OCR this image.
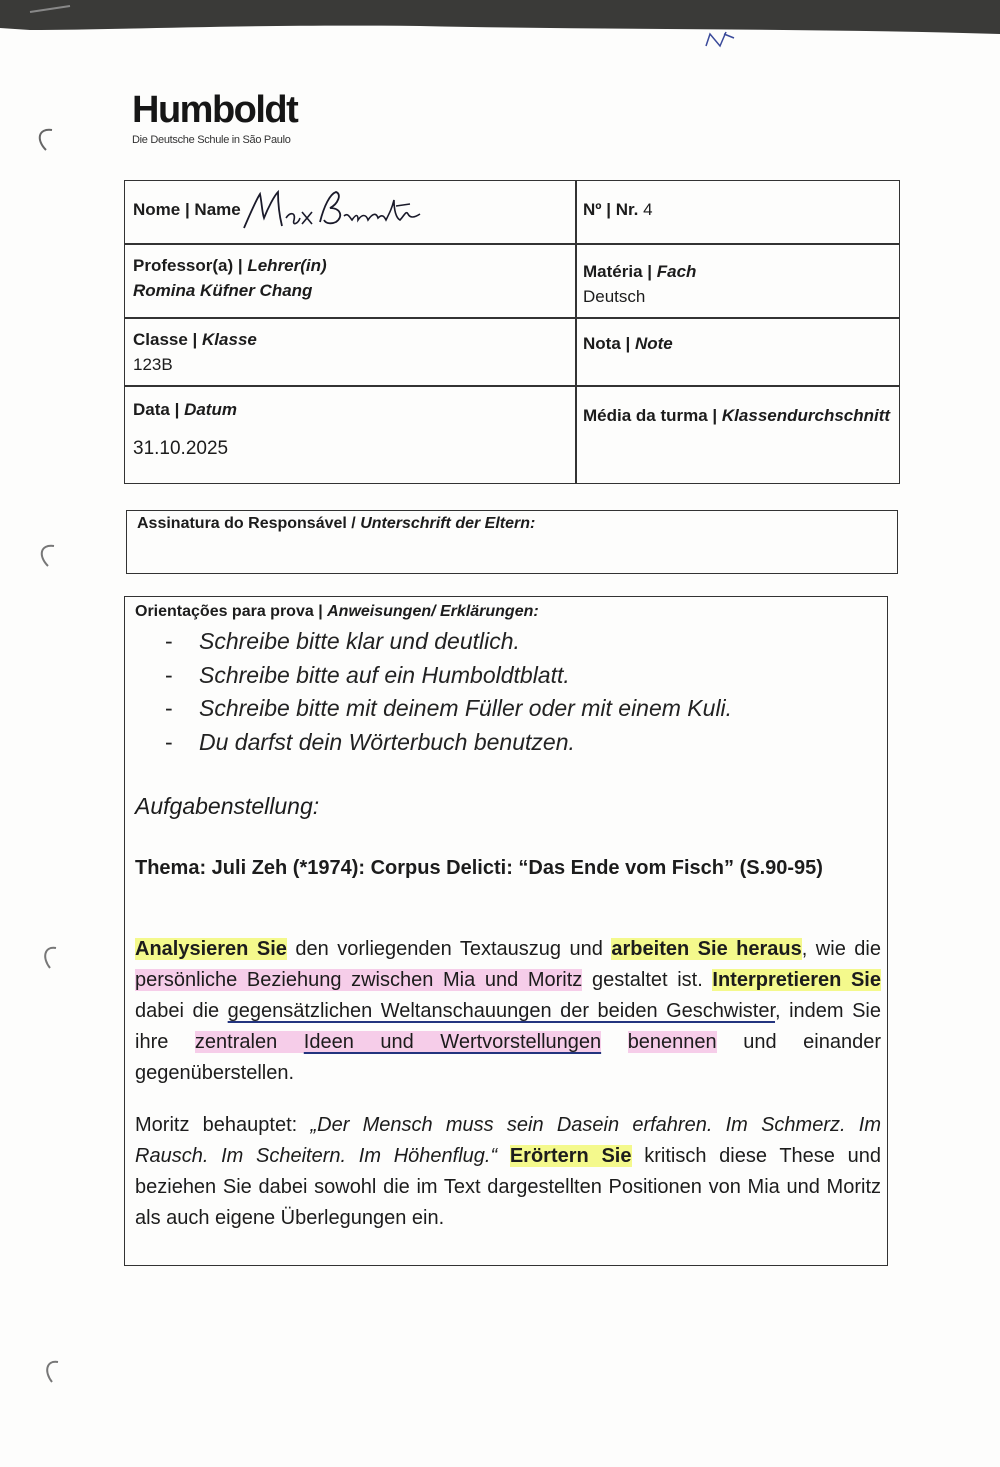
Humboldt
Die Deutsche Schule in São Paulo
Nome | Name	Nº | Nr. 4
Professor(a) | Lehrer(in)
Romina Küfner Chang
Matéria | Fach
Deutsch
Classe | Klasse
123B
Nota | Note
Data | Datum
31.10.2025
Média da turma | Klassendurchschnitt
Assinatura do Responsável / Unterschrift der Eltern:
Orientações para prova | Anweisungen/ Erklärungen:
- Schreibe bitte klar und deutlich.
- Schreibe bitte auf ein Humboldtblatt.
- Schreibe bitte mit deinem Füller oder mit einem Kuli.
- Du darfst dein Wörterbuch benutzen.
Aufgabenstellung:
Thema: Juli Zeh (*1974): Corpus Delicti: “Das Ende vom Fisch” (S.90-95)
Analysieren Sie den vorliegenden Textauszug und arbeiten Sie heraus, wie die persönliche Beziehung zwischen Mia und Moritz gestaltet ist. Interpretieren Sie dabei die gegensätzlichen Weltanschauungen der beiden Geschwister, indem Sie ihre zentralen Ideen und Wertvorstellungen benennen und einander gegenüberstellen.
Moritz behauptet: „Der Mensch muss sein Dasein erfahren. Im Schmerz. Im Rausch. Im Scheitern. Im Höhenflug.“ Erörtern Sie kritisch diese These und beziehen Sie dabei sowohl die im Text dargestellten Positionen von Mia und Moritz als auch eigene Überlegungen ein.
